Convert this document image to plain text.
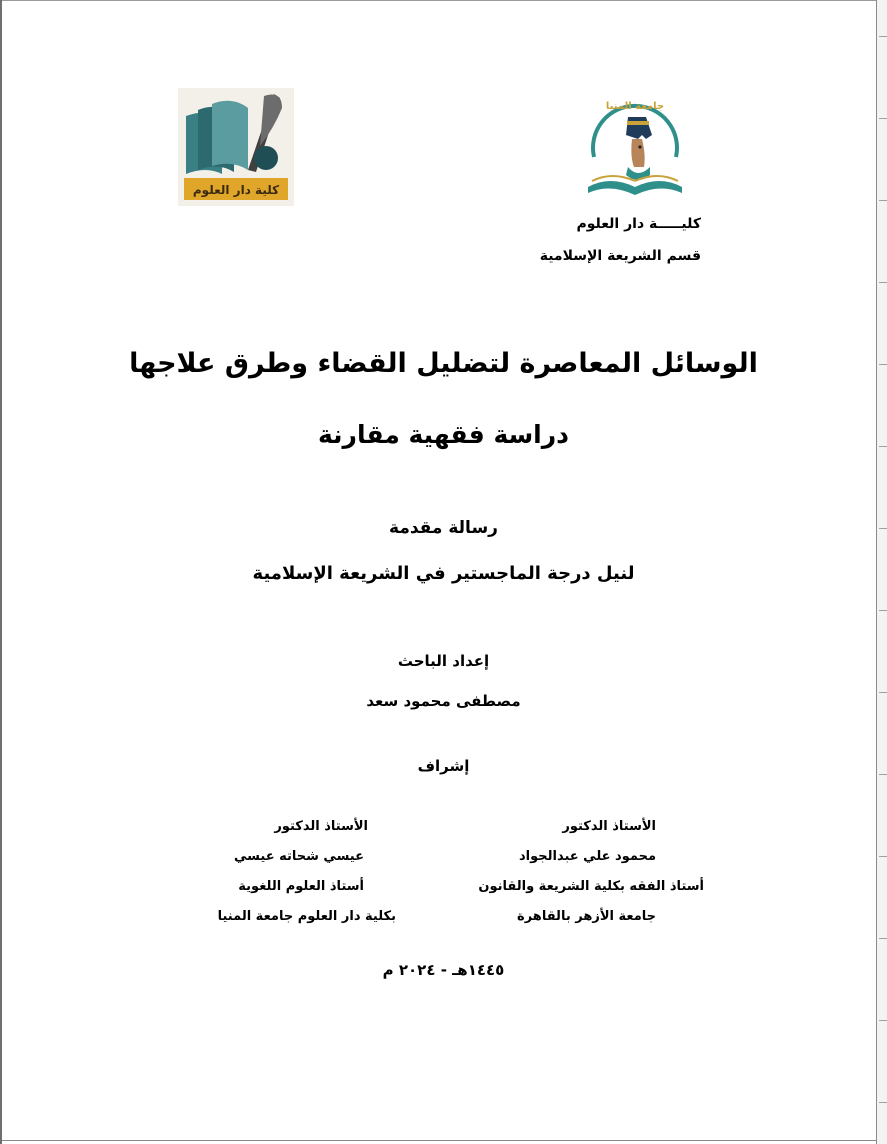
جامعة المنيا
كلية دار العلوم
كليـــــة دار العلوم
قسم الشريعة الإسلامية
الوسائل المعاصرة لتضليل القضاء وطرق علاجها
دراسة فقهية مقارنة
رسالة مقدمة
لنيل درجة الماجستير في الشريعة الإسلامية
إعداد الباحث
مصطفى محمود سعد
إشراف
الأستاذ الدكتور
محمود علي عبدالجواد
أستاذ الفقه بكلية الشريعة والقانون
جامعة الأزهر بالقاهرة
الأستاذ الدكتور
عيسي شحاته عيسي
أستاذ العلوم اللغوية
بكلية دار العلوم جامعة المنيا
١٤٤٥هـ - ٢٠٢٤ م
